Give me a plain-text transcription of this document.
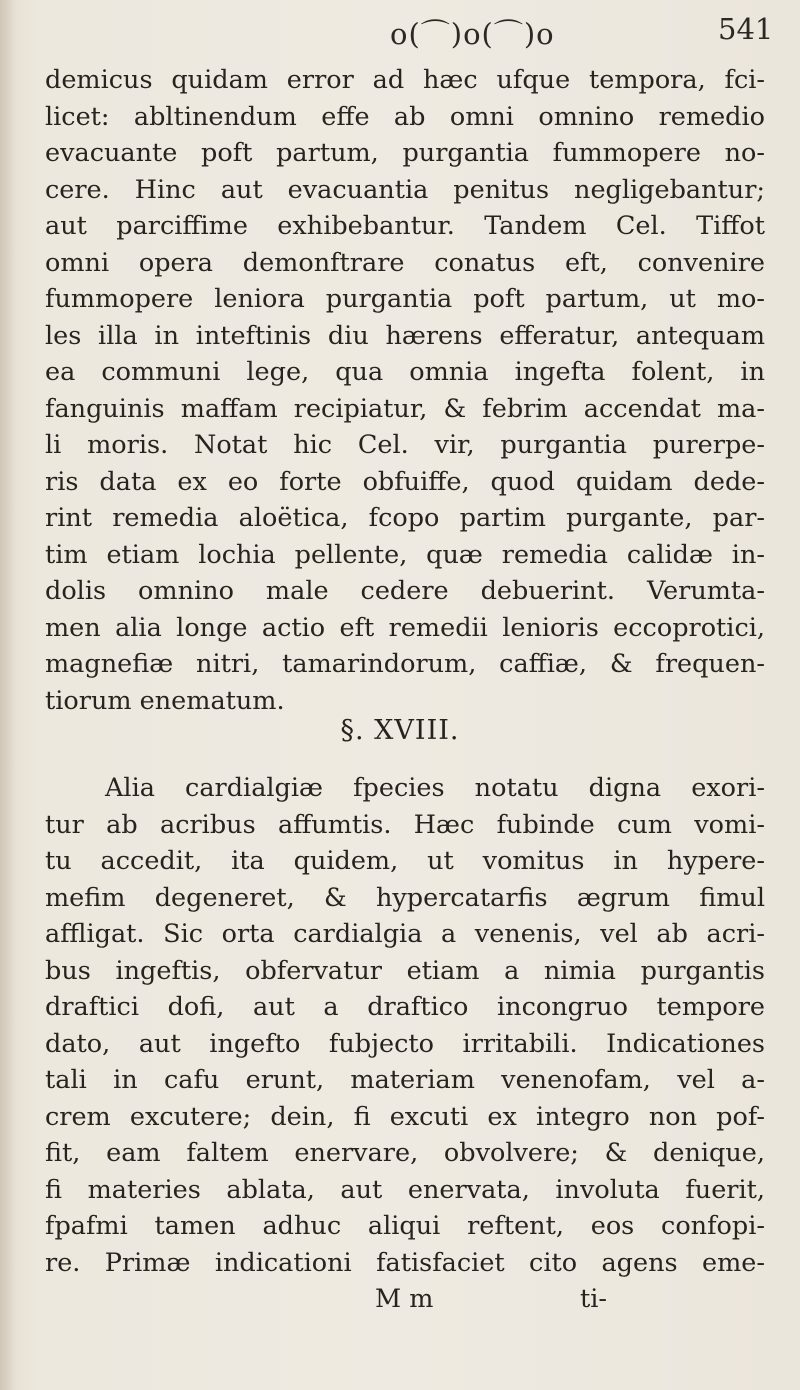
o(⌒)o(⌒)o	541
demicus quidam error ad hæc ufque tempora, fci-
licet: abltinendum effe ab omni omnino remedio
evacuante poft partum, purgantia fummopere no-
cere. Hinc aut evacuantia penitus negligebantur;
aut parciffime exhibebantur. Tandem Cel. Tiffot
omni opera demonftrare conatus eft, convenire
fummopere leniora purgantia poft partum, ut mo-
les illa in inteftinis diu hærens efferatur, antequam
ea communi lege, qua omnia ingefta folent, in
fanguinis maffam recipiatur, & febrim accendat ma-
li moris. Notat hic Cel. vir, purgantia purerpe-
ris data ex eo forte obfuiffe, quod quidam dede-
rint remedia aloëtica, fcopo partim purgante, par-
tim etiam lochia pellente, quæ remedia calidæ in-
dolis omnino male cedere debuerint. Verumta-
men alia longe actio eft remedii lenioris eccoprotici,
magnefiæ nitri, tamarindorum, caffiæ, & frequen-
tiorum enematum.
§. XVIII.
Alia cardialgiæ fpecies notatu digna exori-
tur ab acribus affumtis. Hæc fubinde cum vomi-
tu accedit, ita quidem, ut vomitus in hypere-
mefim degeneret, & hypercatarfis ægrum fimul
affligat. Sic orta cardialgia a venenis, vel ab acri-
bus ingeftis, obfervatur etiam a nimia purgantis
draftici dofi, aut a draftico incongruo tempore
dato, aut ingefto fubjecto irritabili. Indicationes
tali in cafu erunt, materiam venenofam, vel a-
crem excutere; dein, fi excuti ex integro non pof-
fit, eam faltem enervare, obvolvere; & denique,
fi materies ablata, aut enervata, involuta fuerit,
fpafmi tamen adhuc aliqui reftent, eos confopi-
re. Primæ indicationi fatisfaciet cito agens eme-
M m	ti-
